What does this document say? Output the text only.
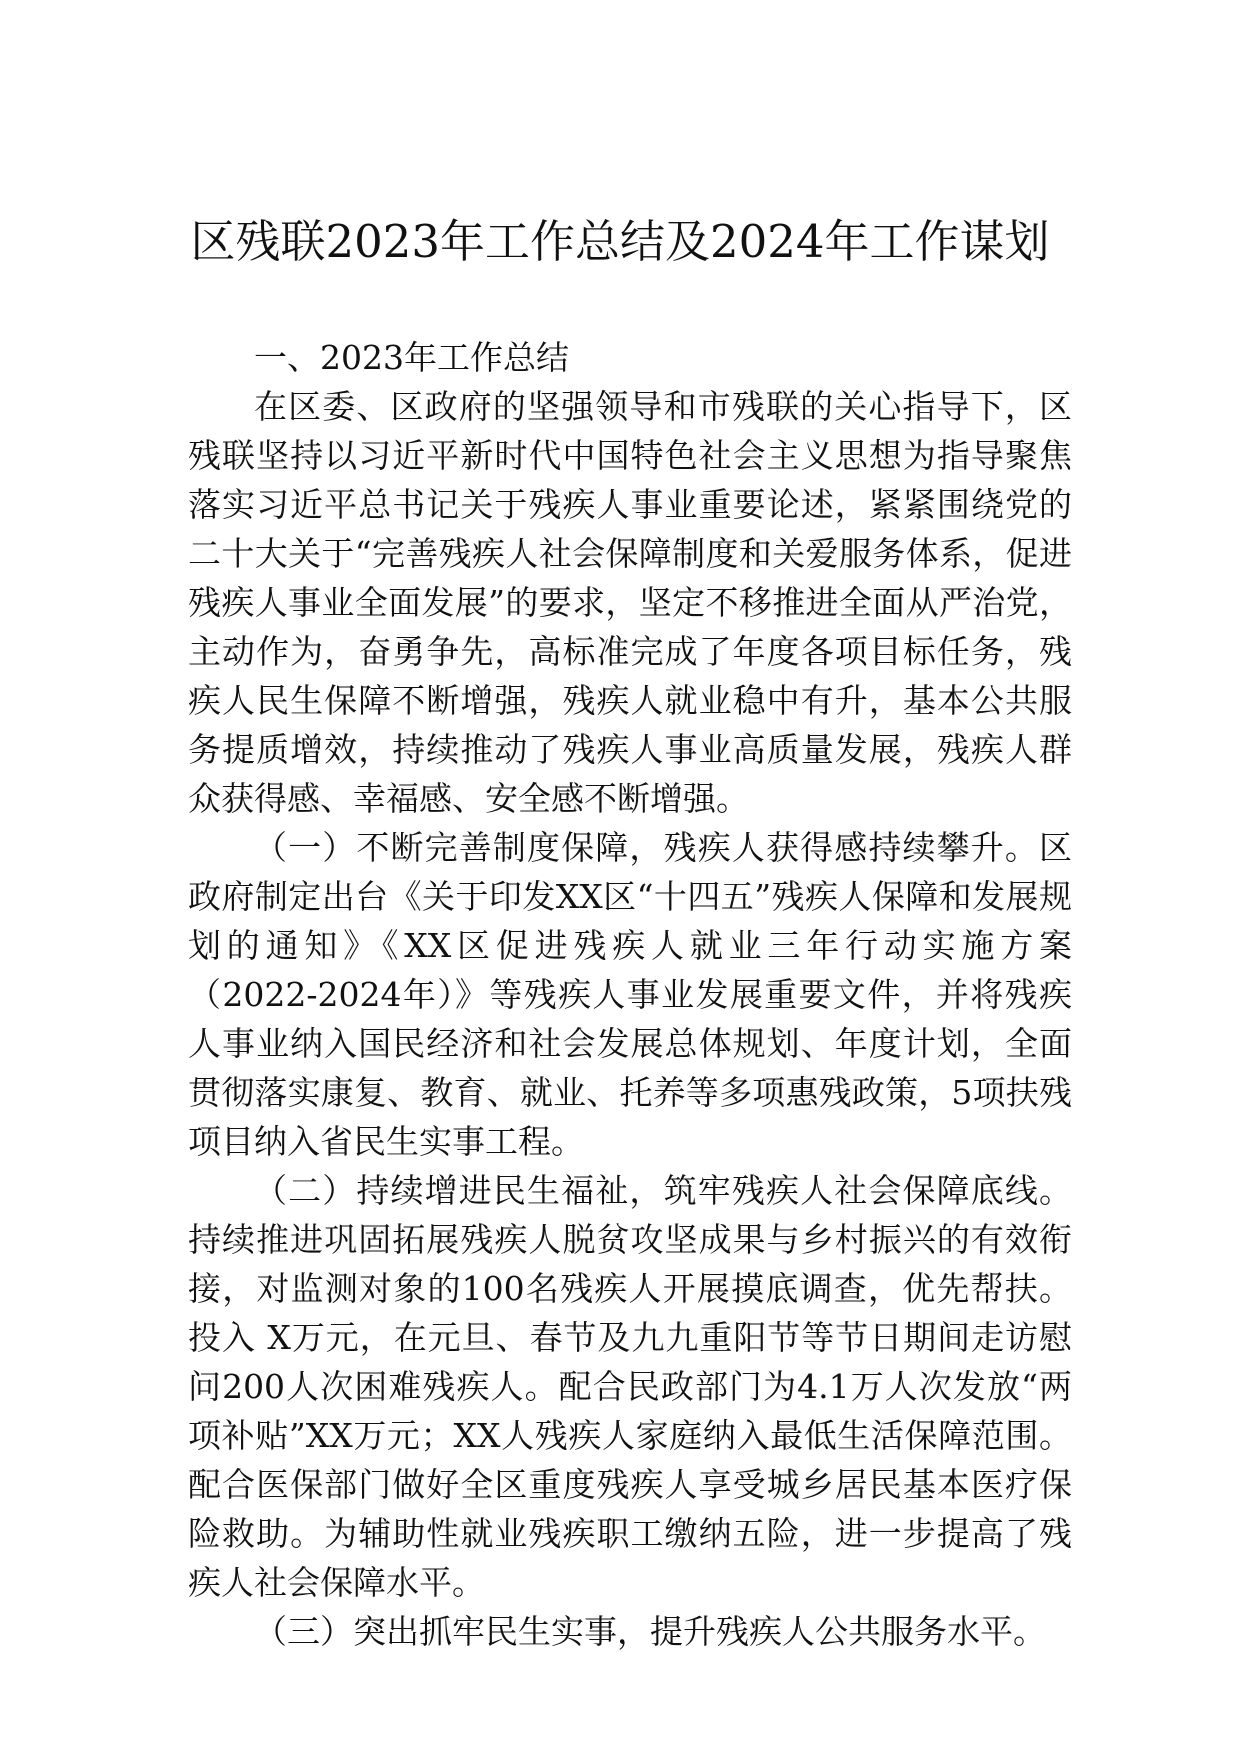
区残联2023年工作总结及2024年工作谋划

一、2023年工作总结

在区委、区政府的坚强领导和市残联的关心指导下，区残联坚持以习近平新时代中国特色社会主义思想为指导聚焦落实习近平总书记关于残疾人事业重要论述，紧紧围绕党的二十大关于“完善残疾人社会保障制度和关爱服务体系，促进残疾人事业全面发展”的要求，坚定不移推进全面从严治党，主动作为，奋勇争先，高标准完成了年度各项目标任务，残疾人民生保障不断增强，残疾人就业稳中有升，基本公共服务提质增效，持续推动了残疾人事业高质量发展，残疾人群众获得感、幸福感、安全感不断增强。

（一）不断完善制度保障，残疾人获得感持续攀升。区政府制定出台《关于印发XX区“十四五”残疾人保障和发展规划的通知》《XX区促进残疾人就业三年行动实施方案（2022-2024年）》等残疾人事业发展重要文件，并将残疾人事业纳入国民经济和社会发展总体规划、年度计划，全面贯彻落实康复、教育、就业、托养等多项惠残政策，5项扶残项目纳入省民生实事工程。

（二）持续增进民生福祉，筑牢残疾人社会保障底线。持续推进巩固拓展残疾人脱贫攻坚成果与乡村振兴的有效衔接，对监测对象的100名残疾人开展摸底调查，优先帮扶。投入 X万元，在元旦、春节及九九重阳节等节日期间走访慰问200人次困难残疾人。配合民政部门为4.1万人次发放“两项补贴”XX万元；XX人残疾人家庭纳入最低生活保障范围。配合医保部门做好全区重度残疾人享受城乡居民基本医疗保险救助。为辅助性就业残疾职工缴纳五险，进一步提高了残疾人社会保障水平。

（三）突出抓牢民生实事，提升残疾人公共服务水平。
